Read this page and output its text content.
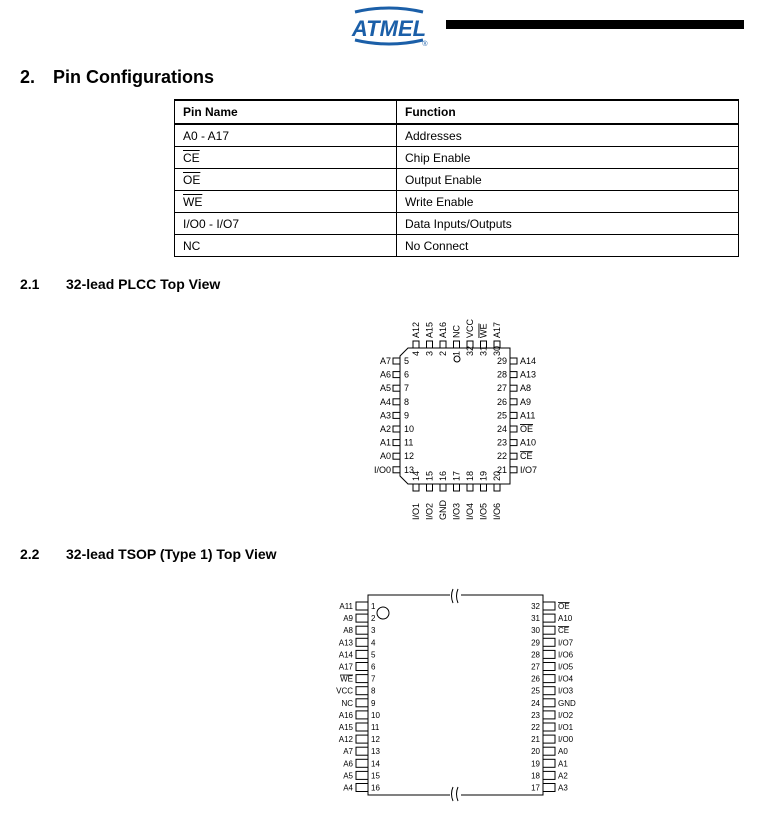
ATMEL
®
2. Pin Configurations
Pin Name	Function
A0 - A17	Addresses
$\overline{CE}$	Chip Enable
$\overline{OE}$	Output Enable
$\overline{WE}$	Write Enable
I/O0 - I/O7	Data Inputs/Outputs
NC	No Connect
2.1 32-lead PLCC Top View
A12
4
A15
3
A16
2
NC
1
VCC
32
WE
31
A17
30
A7 5
A6 6
A5 7
A4 8
A3 9
A2 10
A1 11
A0 12
I/O0 13
A14
29
A13
28
A8
27
A9
26
A11
25
OE
24
A10
23
CE
22
I/O7
21
14
I/O1
15
I/O2
16
GND
17
I/O3
18
I/O4
19
I/O5
20
I/O6
2.2 32-lead TSOP (Type 1) Top View
A11 1
A9 2
A8 3
A13 4
A14 5
A17 6
WE 7
VCC 8
NC 9
A16 10
A15 11
A12 12
A7 13
A6 14
A5 15
A4 16
OE
32
A10
31
CE
30
I/O7
29
I/O6
28
I/O5
27
I/O4
26
I/O3
25
GND
24
I/O2
23
I/O1
22
I/O0
21
A0
20
A1
19
A2
18
A3
17
